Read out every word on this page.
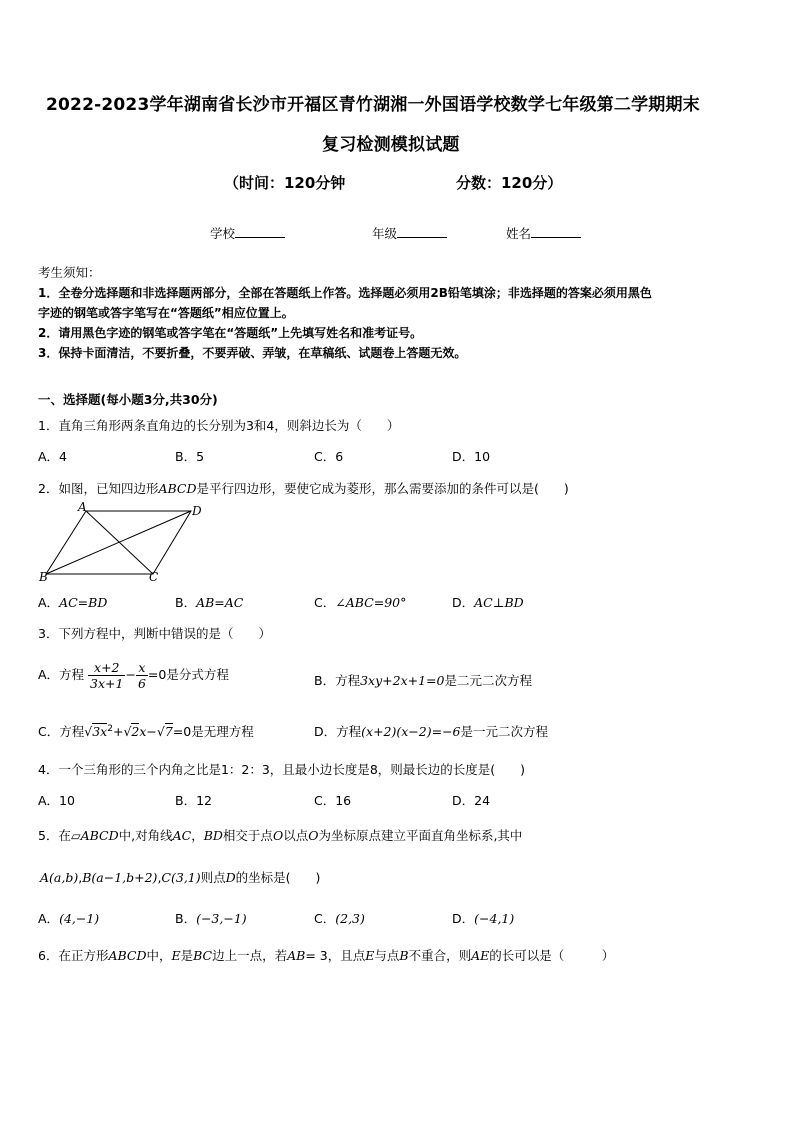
2022-2023学年湖南省长沙市开福区青竹湖湘一外国语学校数学七年级第二学期期末
复习检测模拟试题
（时间：120分钟	分数：120分）
学校	年级	姓名
考生须知：
1．全卷分选择题和非选择题两部分，全部在答题纸上作答。选择题必须用2B铅笔填涂；非选择题的答案必须用黑色
字迹的钢笔或答字笔写在“答题纸”相应位置上。
2．请用黑色字迹的钢笔或答字笔在“答题纸”上先填写姓名和准考证号。
3．保持卡面清洁，不要折叠，不要弄破、弄皱，在草稿纸、试题卷上答题无效。
一、选择题(每小题3分,共30分)
1．直角三角形两条直角边的长分别为3和4，则斜边长为（　　）
A．4	B．5	C．6	D．10
2．如图，已知四边形ABCD是平行四边形，要使它成为菱形，那么需要添加的条件可以是(　　)
A	D
B	C
A．AC=BD	B．AB=AC	C．∠ABC=90°	D．AC⊥BD
3．下列方程中，判断中错误的是（　　）
A．方程 $\frac{x+2}{3x+1} - \frac{x}{6} =0$是分式方程	B．方程3xy+2x+1=0是二元二次方程
C．方程$√3x^2+√2x-√7=0$是无理方程	D．方程(x+2)(x−2)=−6是一元二次方程
4．一个三角形的三个内角之比是1：2：3，且最小边长度是8，则最长边的长度是(　　)
A．10	B．12	C．16	D．24
5．在▱ABCD中,对角线AC，BD相交于点O以点O为坐标原点建立平面直角坐标系,其中
A(a,b),B(a−1,b+2),C(3,1)则点D的坐标是(　　)
A．(4,−1)	B．(−3,−1)	C．(2,3)	D．(−4,1)
6．在正方形ABCD中，E是BC边上一点，若AB= 3，且点E与点B不重合，则AE的长可以是（　　　）
